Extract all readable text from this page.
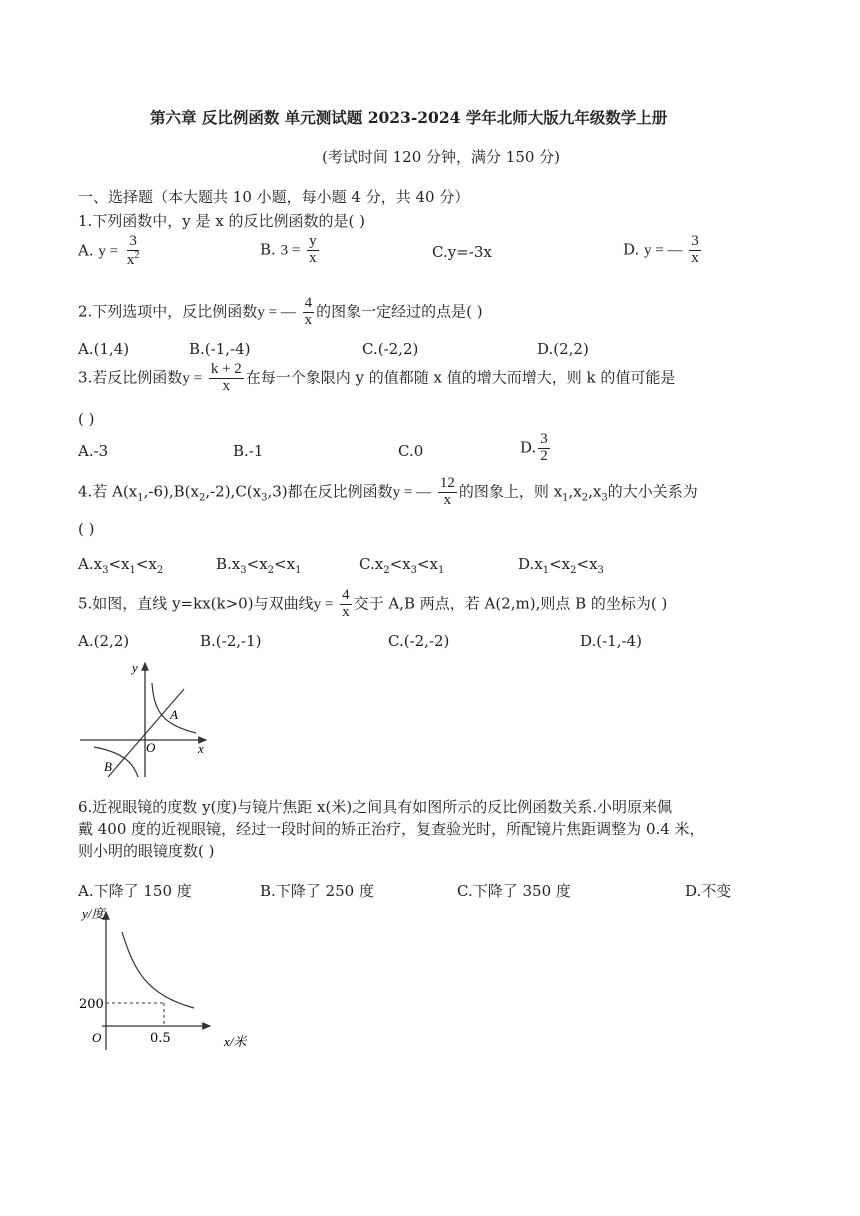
第六章 反比例函数 单元测试题 2023-2024 学年北师大版九年级数学上册
(考试时间 120 分钟，满分 150 分)
一、选择题（本大题共 10 小题，每小题 4 分，共 40 分）
1.下列函数中，y 是 x 的反比例函数的是( )
A. $y = \frac{3}{x^2}$	B. $3 = \frac{y}{x}$	C.y=-3x	D. y = — $\frac{3}{x}$
2.下列选项中，反比例函数y = — $\frac{4}{x}$ 的图象一定经过的点是( )
A.(1,4)	B.(-1,-4)	C.(-2,2)	D.(2,2)
3.若反比例函数$y = \frac{k + 2}{x}$ 在每一个象限内 y 的值都随 x 值的增大而增大，则 k 的值可能是
( )
A.-3	B.-1	C.0	D. $\frac{3}{2}$
4.若 $A(x_1,-6),B(x_2,-2),C(x_3,3)$都在反比例函数y = — $\frac{12}{x}$ 的图象上，则 $x_1,x_2,x_3$的大小关系为
( )
$A.x_3<x_1<x_2$	$B.x_3<x_2<x_1$	$C.x_2<x_3<x_1$	$D.x_1<x_2<x_3$
5.如图，直线 y=kx(k>0)与双曲线$y = \frac{4}{x}$ 交于 A,B 两点，若 A(2,m),则点 B 的坐标为( )
A.(2,2)	B.(-2,-1)	C.(-2,-2)	D.(-1,-4)
y
x
O
A
B
6.近视眼镜的度数 y(度)与镜片焦距 x(米)之间具有如图所示的反比例函数关系.小明原来佩
戴 400 度的近视眼镜，经过一段时间的矫正治疗，复查验光时，所配镜片焦距调整为 0.4 米，
则小明的眼镜度数( )
A.下降了 150 度	B.下降了 250 度	C.下降了 350 度	D.不变
y/度
x/米
O
200
0.5
